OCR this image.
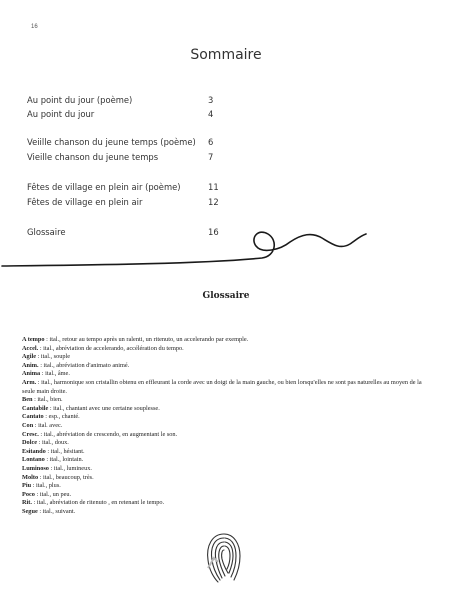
16
Sommaire
Au point du jour (poème)	3
Au point du jour	4
Veiille chanson du jeune temps (poème) 6
Vieille chanson du jeune temps	7
Fêtes de village en plein air (poème)	11
Fêtes de village en plein air	12
Glossaire	16
Glossaire

A tempo : ital., retour au tempo après un ralenti, un ritenuto, un accelerando par exemple.

Accel. : ital., abréviation de accelerando, accélération du tempo.

Agile : ital., souple

Anim. : ital., abréviation d'animato animé.

Anima : ital., âme.

Arm. : ital., harmonique son cristallin obtenu en effleurant la corde avec un doigt de la main gauche, ou bien lorsqu'elles ne sont pas naturelles au moyen de la seule main droite.

Ben : ital., bien.

Cantabile : ital., chantant avec une certaine souplesse.

Cantato : esp., chanté.

Con : ital. avec.

Cresc. : ital., abréviation de crescendo, en augmentant le son.

Dolce : ital., doux.

Esitando : ital., hésitant.

Lontano : ital., lointain.

Luminoso : ital., lumineux.

Molto : ital., beaucoup, très.

Piu : ital., plus.

Poco : ital., un peu.

Rit. : ital., abréviation de ritenuto , en retenant le tempo.

Segue : ital., suivant.
